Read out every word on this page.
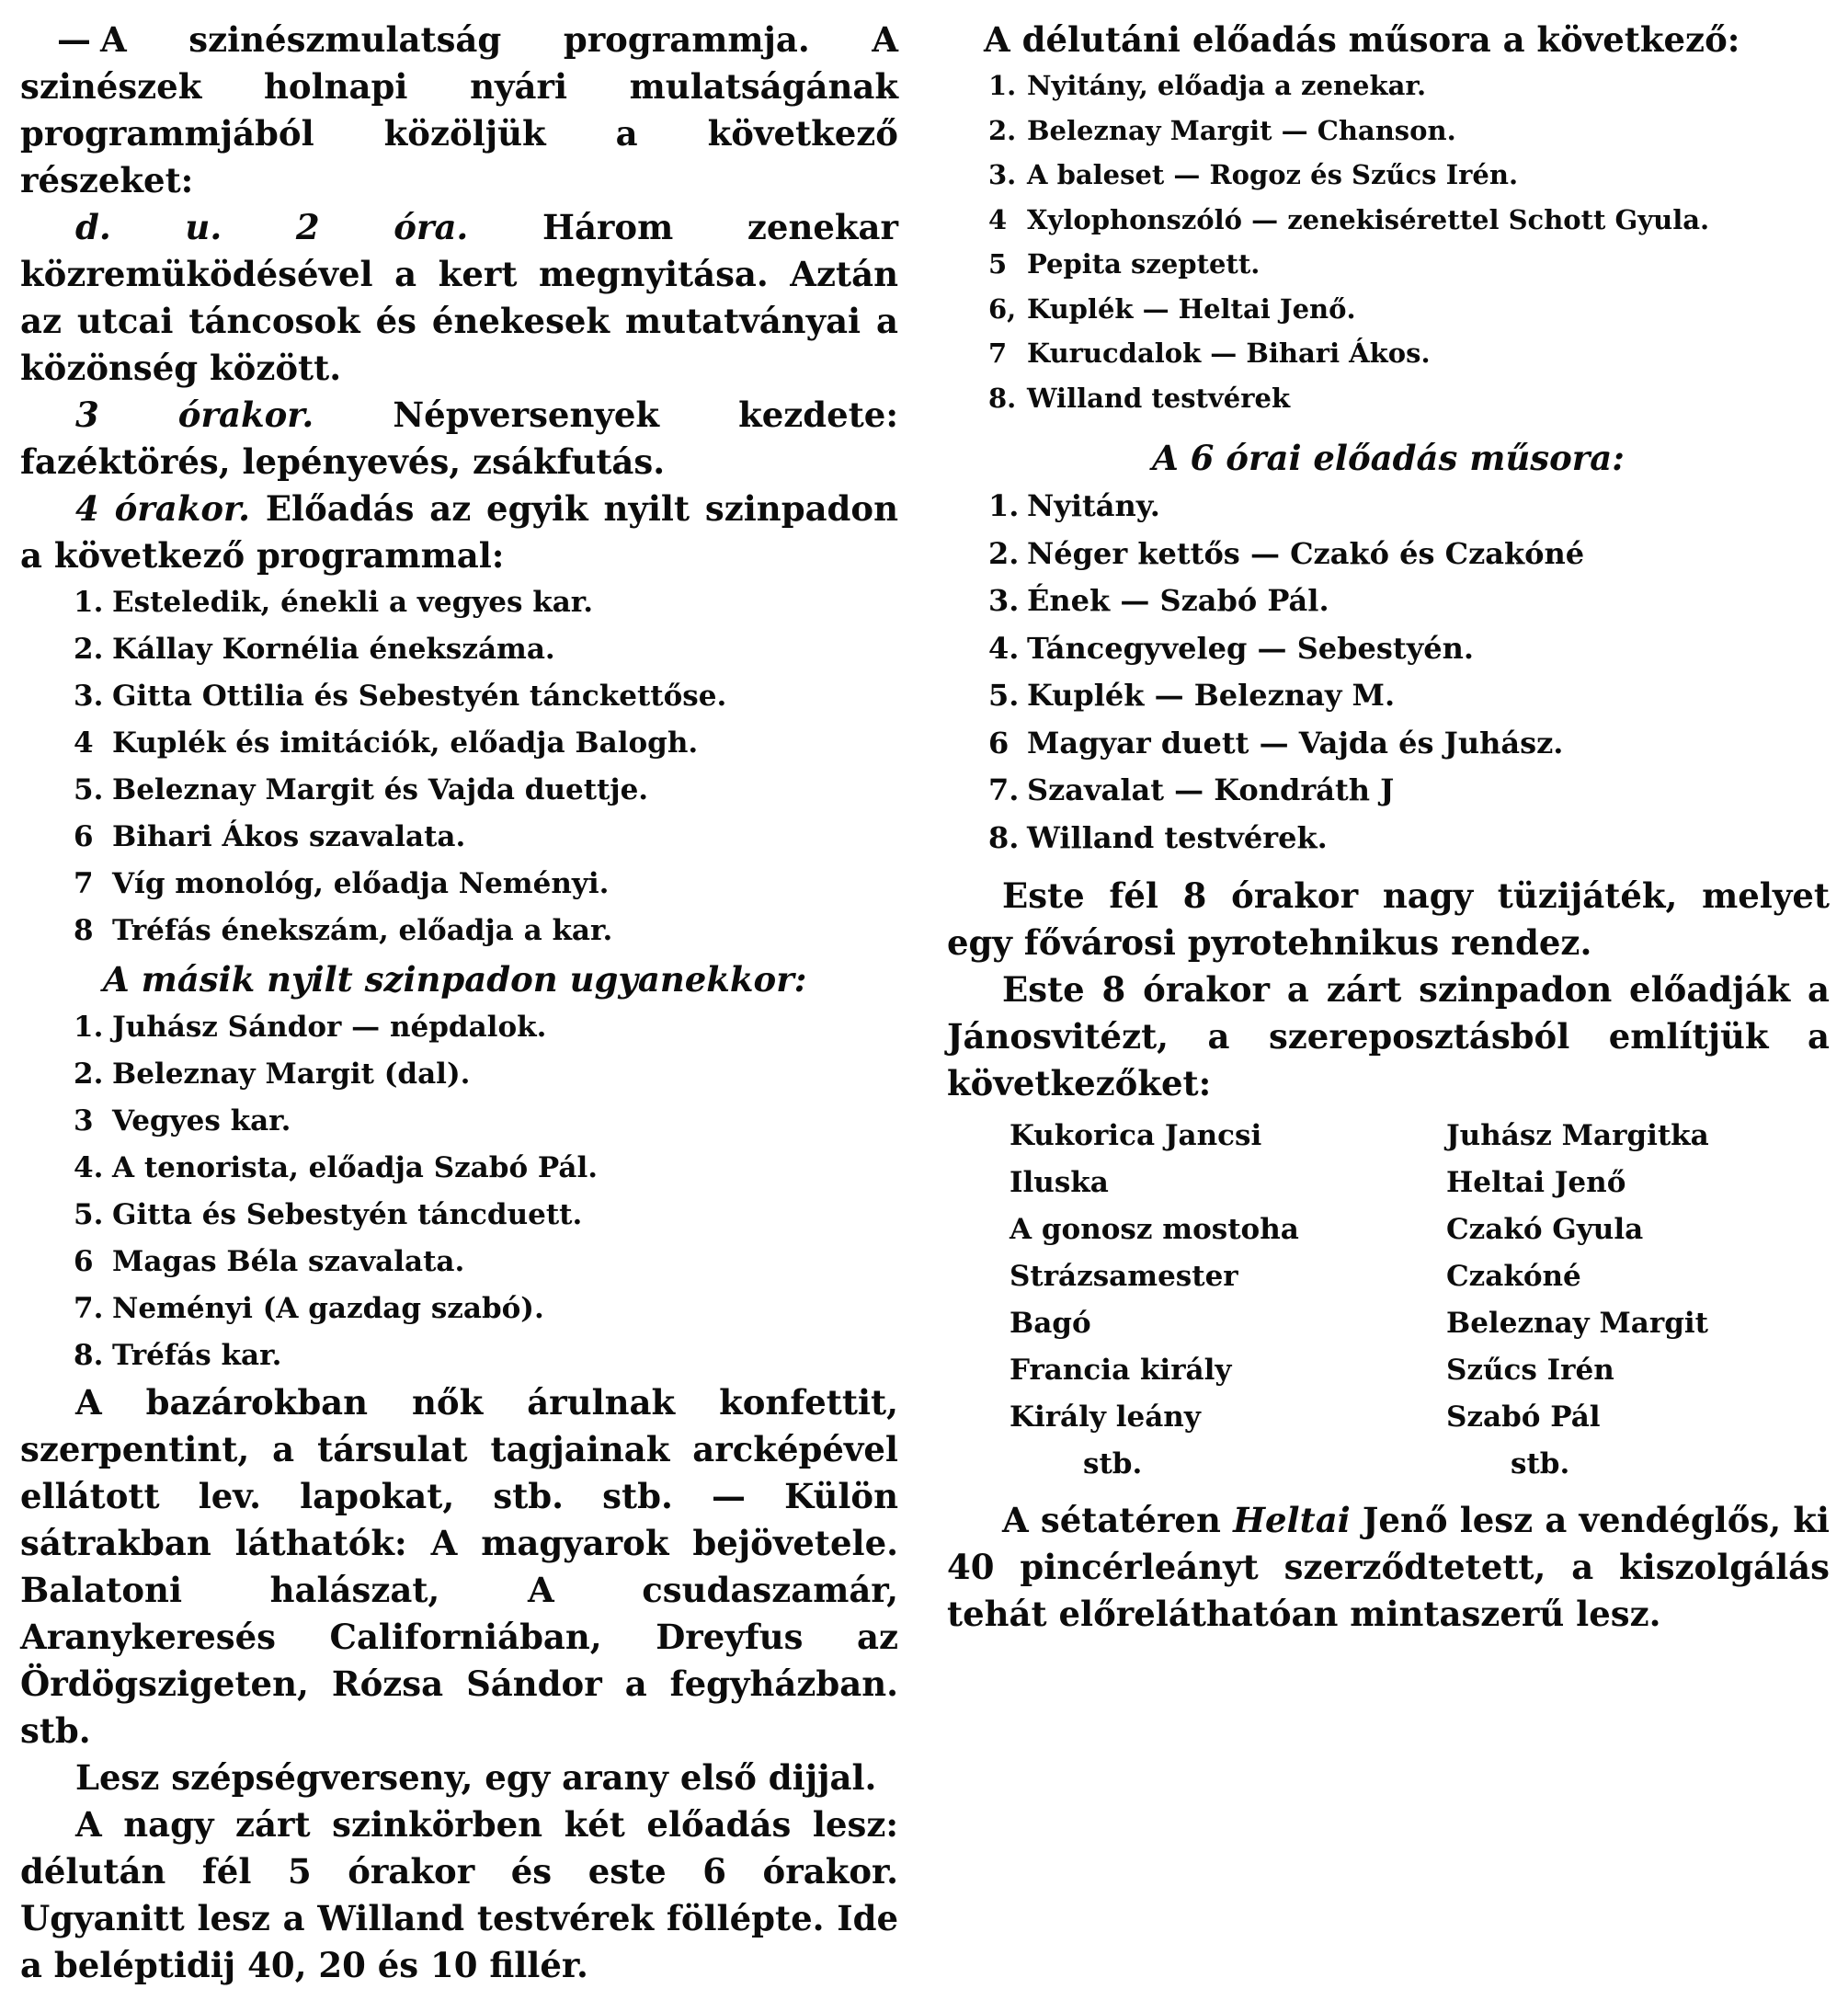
— A szinészmulatság programmja. A szinészek holnapi nyári mulatságának programmjából közöljük a következő részeket:

d. u. 2 óra. Három zenekar közremüködésével a kert megnyitása. Aztán az utcai táncosok és énekesek mutatványai a közönség között.

3 órakor. Népversenyek kezdete: fazéktörés, lepényevés, zsákfutás.

4 órakor. Előadás az egyik nyilt szinpadon a következő programmal:

1. Esteledik, énekli a vegyes kar.
2. Kállay Kornélia énekszáma.
3. Gitta Ottilia és Sebestyén tánckettőse.
4 Kuplék és imitációk, előadja Balogh.
5. Beleznay Margit és Vajda duettje.
6 Bihari Ákos szavalata.
7 Víg monológ, előadja Neményi.
8 Tréfás énekszám, előadja a kar.

A másik nyilt szinpadon ugyanekkor:

1. Juhász Sándor — népdalok.
2. Beleznay Margit (dal).
3 Vegyes kar.
4. A tenorista, előadja Szabó Pál.
5. Gitta és Sebestyén táncduett.
6 Magas Béla szavalata.
7. Neményi (A gazdag szabó).
8. Tréfás kar.

A bazárokban nők árulnak konfettit, szerpentint, a társulat tagjainak arcképével ellátott lev. lapokat, stb. stb. — Külön sátrakban láthatók: A magyarok bejövetele. Balatoni halászat, A csudaszamár, Aranykeresés Californiában, Dreyfus az Ördögszigeten, Rózsa Sándor a fegyházban. stb.

Lesz szépségverseny, egy arany első dijjal.

A nagy zárt szinkörben két előadás lesz: délután fél 5 órakor és este 6 órakor. Ugyanitt lesz a Willand testvérek fölléptе. Ide a beléptidij 40, 20 és 10 fillér.

A délutáni előadás műsora a következő:

1. Nyitány, előadja a zenekar.
2. Beleznay Margit — Chanson.
3. A baleset — Rogoz és Szűcs Irén.
4 Xylophonszóló — zenekisérettel Schott Gyula.
5 Pepita szeptett.
6, Kuplék — Heltai Jenő.
7 Kurucdalok — Bihari Ákos.
8. Willand testvérek

A 6 órai előadás műsora:

1. Nyitány.
2. Néger kettős — Czakó és Czakóné
3. Ének — Szabó Pál.
4. Táncegyveleg — Sebestyén.
5. Kuplék — Beleznay M.
6 Magyar duett — Vajda és Juhász.
7. Szavalat — Kondráth J
8. Willand testvérek.

Este fél 8 órakor nagy tüzijáték, melyet egy fővárosi pyrotehnikus rendez.

Este 8 órakor a zárt szinpadon előadják a Jánosvitézt, a szereposztásból említjük a következőket:

Kukorica Jancsi	Juhász Margitka
Iluska	Heltai Jenő
A gonosz mostoha	Czakó Gyula
Strázsamester	Czakóné
Bagó	Beleznay Margit
Francia király	Szűcs Irén
Király leány	Szabó Pál
stb.	stb.

A sétatéren Heltai Jenő lesz a vendéglős, ki 40 pincérleányt szerződtetett, a kiszolgálás tehát előreláthatóan mintaszerű lesz.
